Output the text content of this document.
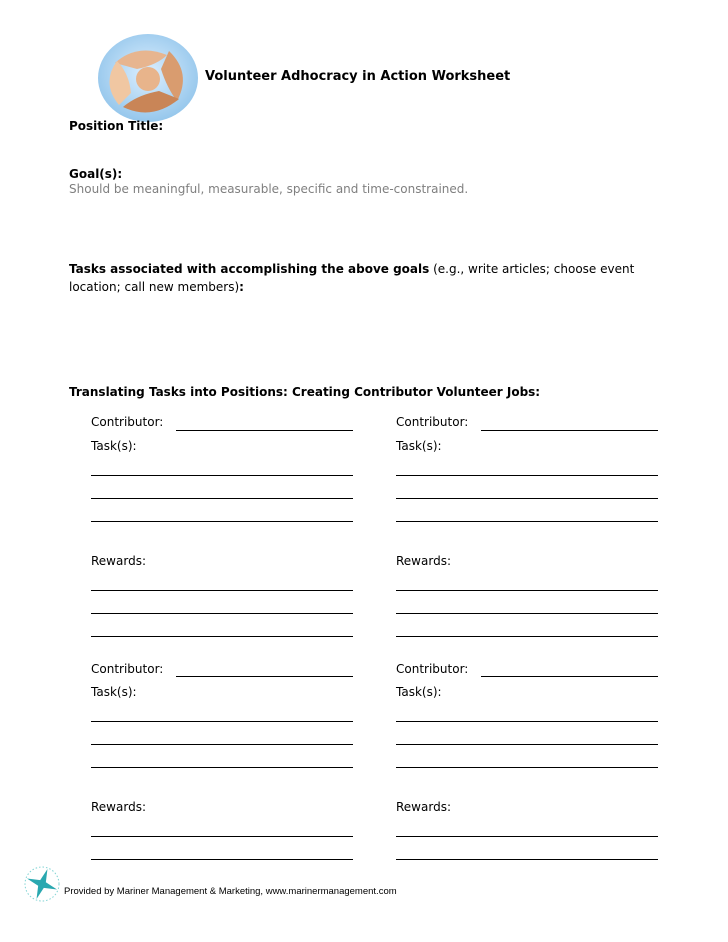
Volunteer Adhocracy in Action Worksheet
Position Title:
Goal(s):
Should be meaningful, measurable, specific and time-constrained.
Tasks associated with accomplishing the above goals (e.g., write articles; choose event location; call new members):
Translating Tasks into Positions: Creating Contributor Volunteer Jobs:
Contributor:
Task(s):
Rewards:
Contributor:
Task(s):
Rewards:
Contributor:
Task(s):
Rewards:
Contributor:
Task(s):
Rewards:
Provided by Mariner Management & Marketing, www.marinermanagement.com
